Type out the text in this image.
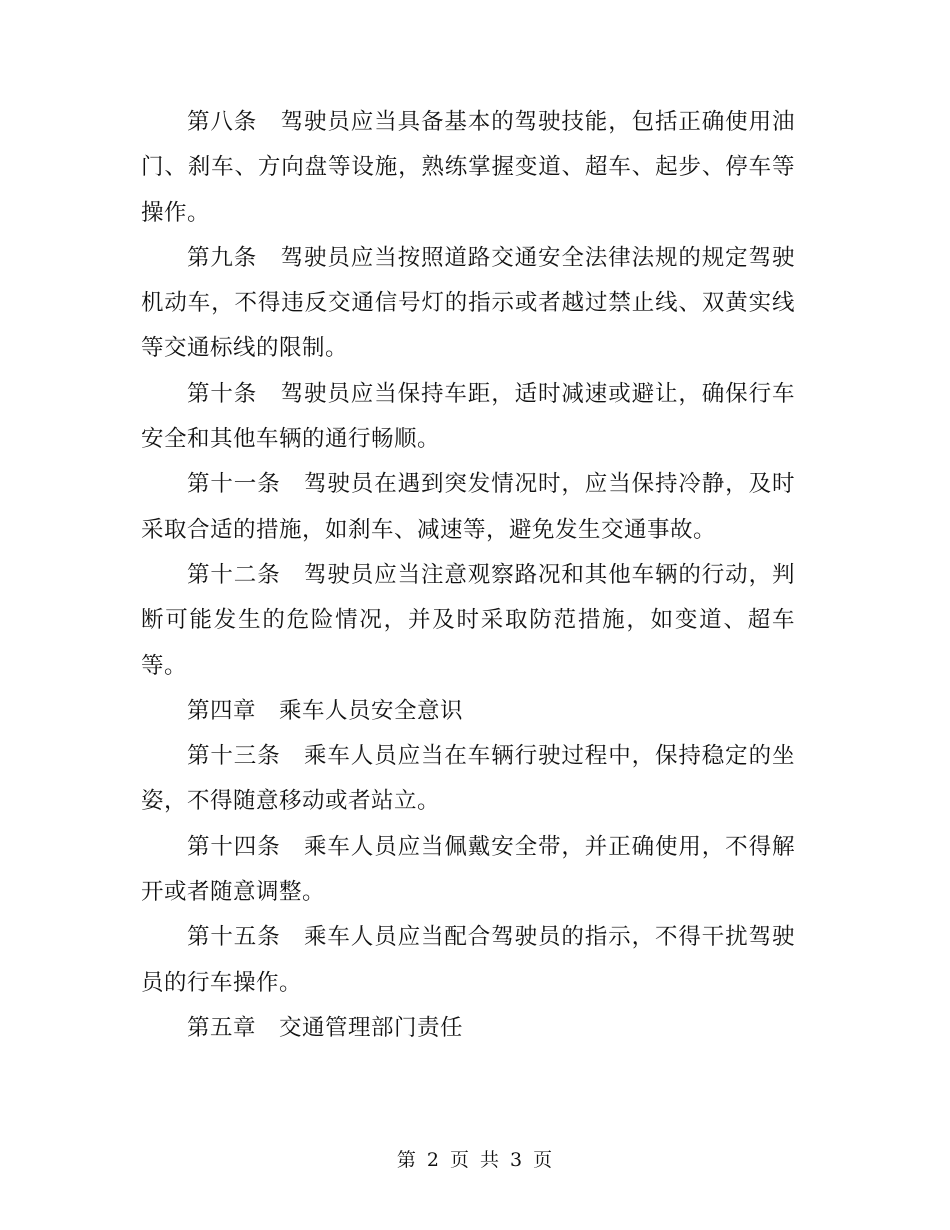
第八条　驾驶员应当具备基本的驾驶技能，包括正确使用油门、刹车、方向盘等设施，熟练掌握变道、超车、起步、停车等操作。

第九条　驾驶员应当按照道路交通安全法律法规的规定驾驶机动车，不得违反交通信号灯的指示或者越过禁止线、双黄实线等交通标线的限制。

第十条　驾驶员应当保持车距，适时减速或避让，确保行车安全和其他车辆的通行畅顺。

第十一条　驾驶员在遇到突发情况时，应当保持冷静，及时采取合适的措施，如刹车、减速等，避免发生交通事故。

第十二条　驾驶员应当注意观察路况和其他车辆的行动，判断可能发生的危险情况，并及时采取防范措施，如变道、超车等。

第四章　乘车人员安全意识

第十三条　乘车人员应当在车辆行驶过程中，保持稳定的坐姿，不得随意移动或者站立。

第十四条　乘车人员应当佩戴安全带，并正确使用，不得解开或者随意调整。

第十五条　乘车人员应当配合驾驶员的指示，不得干扰驾驶员的行车操作。

第五章　交通管理部门责任

第 2 页 共 3 页
